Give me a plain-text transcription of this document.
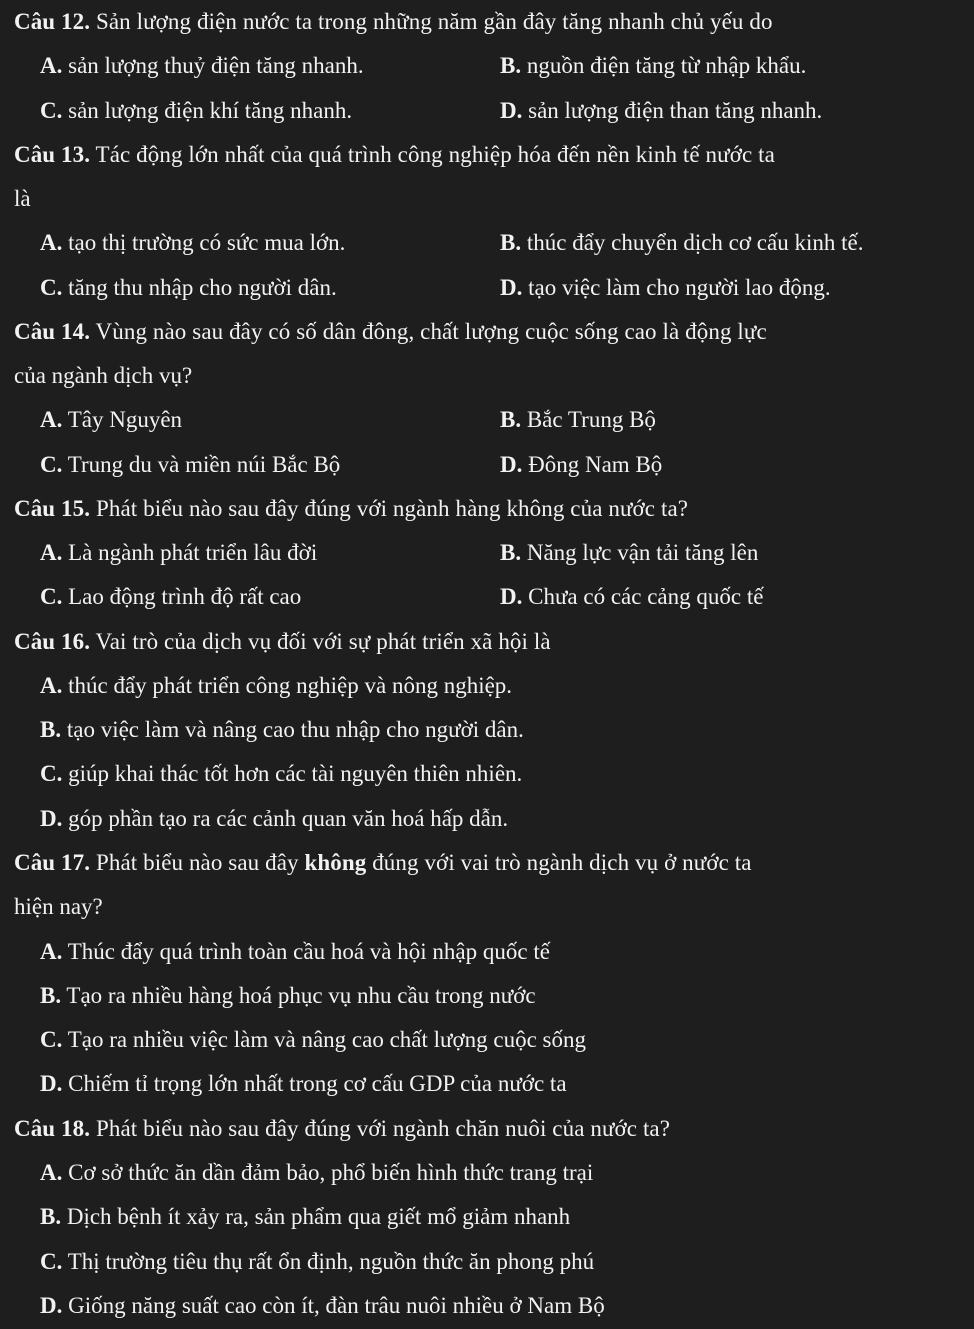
Câu 12. Sản lượng điện nước ta trong những năm gần đây tăng nhanh chủ yếu do
A. sản lượng thuỷ điện tăng nhanh.	B. nguồn điện tăng từ nhập khẩu.
C. sản lượng điện khí tăng nhanh.	D. sản lượng điện than tăng nhanh.
Câu 13. Tác động lớn nhất của quá trình công nghiệp hóa đến nền kinh tế nước ta
là
A. tạo thị trường có sức mua lớn.	B. thúc đẩy chuyển dịch cơ cấu kinh tế.
C. tăng thu nhập cho người dân.	D. tạo việc làm cho người lao động.
Câu 14. Vùng nào sau đây có số dân đông, chất lượng cuộc sống cao là động lực
của ngành dịch vụ?
A. Tây Nguyên	B. Bắc Trung Bộ
C. Trung du và miền núi Bắc Bộ	D. Đông Nam Bộ
Câu 15. Phát biểu nào sau đây đúng với ngành hàng không của nước ta?
A. Là ngành phát triển lâu đời	B. Năng lực vận tải tăng lên
C. Lao động trình độ rất cao	D. Chưa có các cảng quốc tế
Câu 16. Vai trò của dịch vụ đối với sự phát triển xã hội là
A. thúc đẩy phát triển công nghiệp và nông nghiệp.
B. tạo việc làm và nâng cao thu nhập cho người dân.
C. giúp khai thác tốt hơn các tài nguyên thiên nhiên.
D. góp phần tạo ra các cảnh quan văn hoá hấp dẫn.
Câu 17. Phát biểu nào sau đây không đúng với vai trò ngành dịch vụ ở nước ta
hiện nay?
A. Thúc đẩy quá trình toàn cầu hoá và hội nhập quốc tế
B. Tạo ra nhiều hàng hoá phục vụ nhu cầu trong nước
C. Tạo ra nhiều việc làm và nâng cao chất lượng cuộc sống
D. Chiếm tỉ trọng lớn nhất trong cơ cấu GDP của nước ta
Câu 18. Phát biểu nào sau đây đúng với ngành chăn nuôi của nước ta?
A. Cơ sở thức ăn dần đảm bảo, phổ biến hình thức trang trại
B. Dịch bệnh ít xảy ra, sản phẩm qua giết mổ giảm nhanh
C. Thị trường tiêu thụ rất ổn định, nguồn thức ăn phong phú
D. Giống năng suất cao còn ít, đàn trâu nuôi nhiều ở Nam Bộ
